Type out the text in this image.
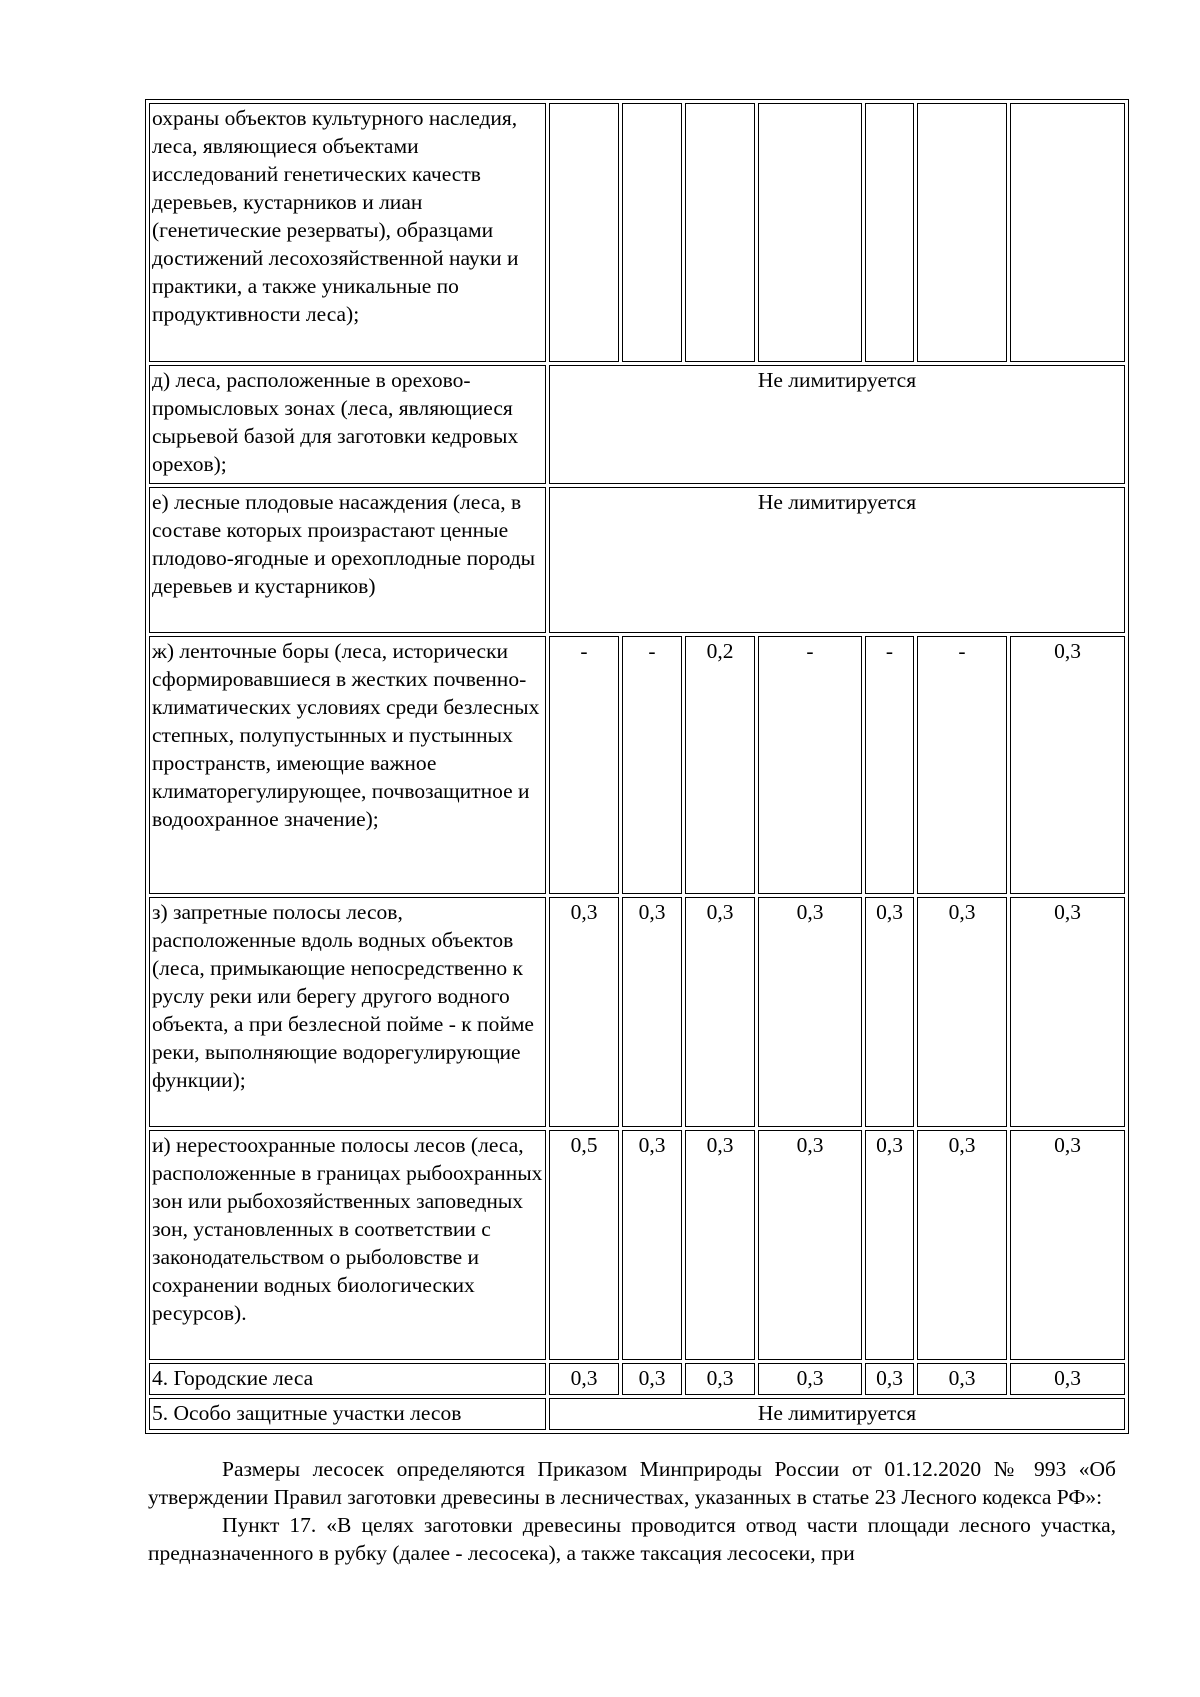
охраны объектов культурного наследия, леса, являющиеся объектами исследований генетических качеств деревьев, кустарников и лиан (генетические резерваты), образцами достижений лесохозяйственной науки и практики, а также уникальные по продуктивности леса);							
д) леса, расположенные в орехово-промысловых зонах (леса, являющиеся сырьевой базой для заготовки кедровых орехов);	Не лимитируется						
е) лесные плодовые насаждения (леса, в составе которых произрастают ценные плодово-ягодные и орехоплодные породы деревьев и кустарников)	Не лимитируется						
ж) ленточные боры (леса, исторически сформировавшиеся в жестких почвенно-климатических условиях среди безлесных степных, полупустынных и пустынных пространств, имеющие важное климаторегулирующее, почвозащитное и водоохранное значение);	-	-	0,2	-	-	-	0,3
з) запретные полосы лесов, расположенные вдоль водных объектов (леса, примыкающие непосредственно к руслу реки или берегу другого водного объекта, а при безлесной пойме - к пойме реки, выполняющие водорегулирующие функции);	0,3	0,3	0,3	0,3	0,3	0,3	0,3
и) нерестоохранные полосы лесов (леса, расположенные в границах рыбоохранных зон или рыбохозяйственных заповедных зон, установленных в соответствии с законодательством о рыболовстве и сохранении водных биологических ресурсов).	0,5	0,3	0,3	0,3	0,3	0,3	0,3
4. Городские леса	0,3	0,3	0,3	0,3	0,3	0,3	0,3
5. Особо защитные участки лесов	Не лимитируется						

Размеры лесосек определяются Приказом Минприроды России от 01.12.2020 № 993 «Об утверждении Правил заготовки древесины в лесничествах, указанных в статье 23 Лесного кодекса РФ»:

Пункт 17. «В целях заготовки древесины проводится отвод части площади лесного участка, предназначенного в рубку (далее - лесосека), а также таксация лесосеки, при
